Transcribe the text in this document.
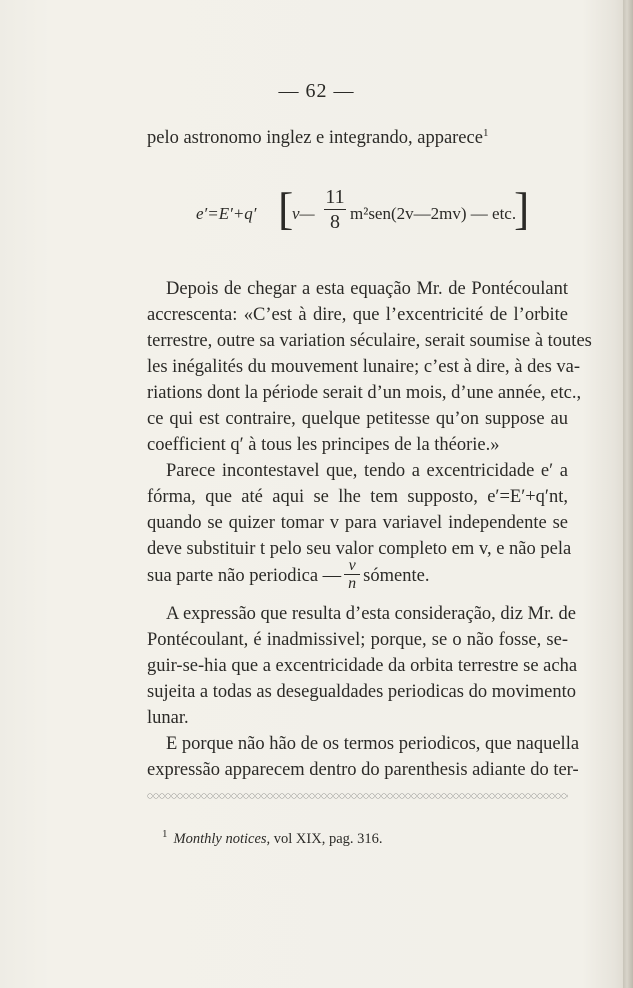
— 62 —
pelo astronomo inglez e integrando, apparece$^1$
e′=E′+q′ [
v—
11
8 m²sen(2v—2mv) — etc.
]
Depois de chegar a esta equação Mr. de Pontécoulant
accrescenta: «C’est à dire, que l’excentricité de l’orbite
terrestre, outre sa variation séculaire, serait soumise à toutes
les inégalités du mouvement lunaire; c’est à dire, à des va-
riations dont la période serait d’un mois, d’une année, etc.,
ce qui est contraire, quelque petitesse qu’on suppose au
coefficient q′ à tous les principes de la théorie.»
Parece incontestavel que, tendo a excentricidade e′ a
fórma, que até aqui se lhe tem supposto, e′=E′+q′nt,
quando se quizer tomar v para variavel independente se
deve substituir t pelo seu valor completo em v, e não pela
sua parte não periodica — $\frac{v}{n}$ sómente.
A expressão que resulta d’esta consideração, diz Mr. de
Pontécoulant, é inadmissivel; porque, se o não fosse, se-
guir-se-hia que a excentricidade da orbita terrestre se acha
sujeita a todas as desegualdades periodicas do movimento
lunar.
E porque não hão de os termos periodicos, que naquella
expressão apparecem dentro do parenthesis adiante do ter-
$^1$ Monthly notices, vol XIX, pag. 316.
